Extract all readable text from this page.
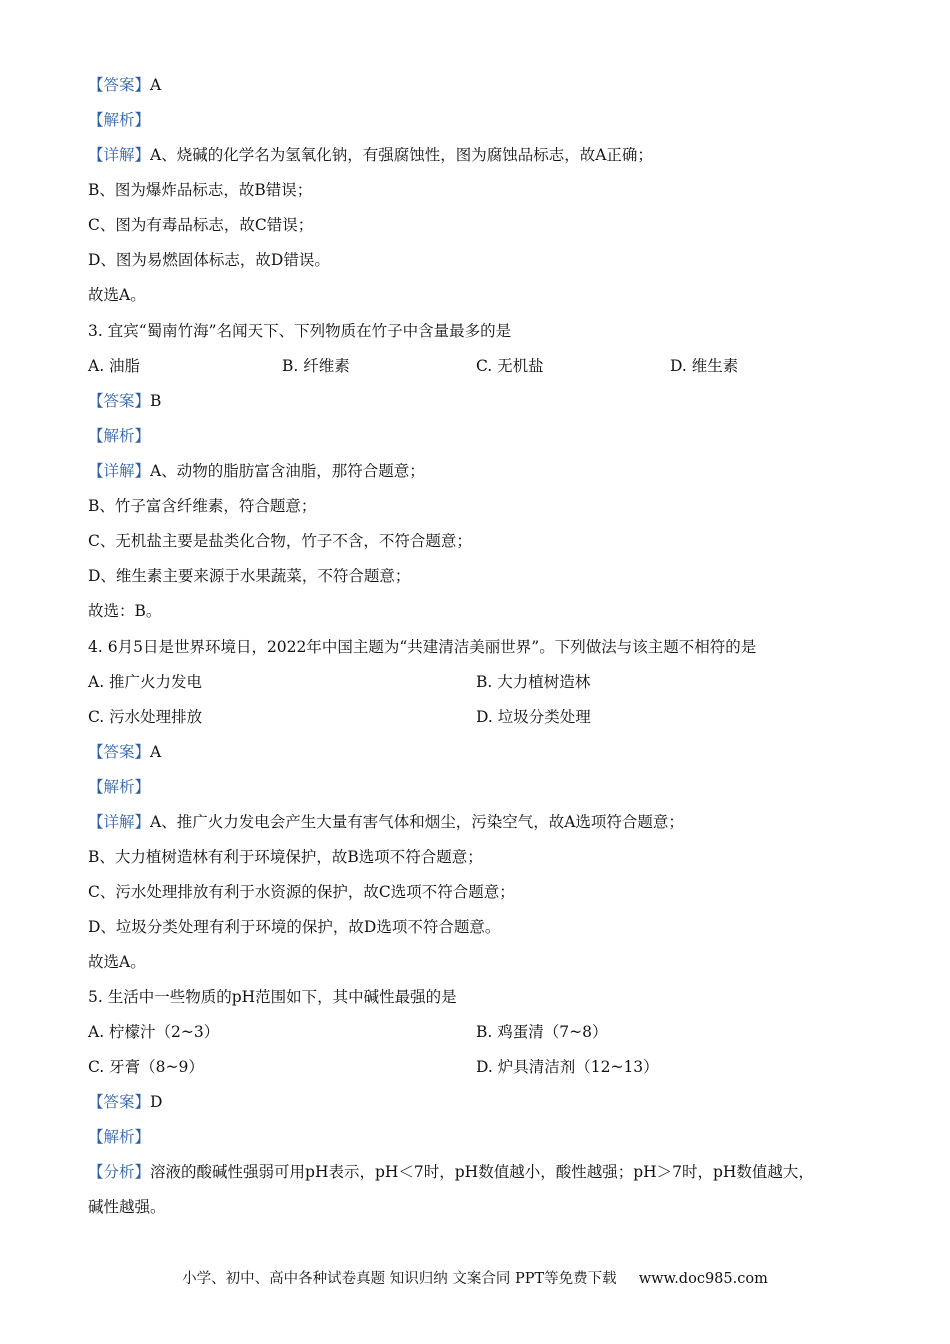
【答案】A
【解析】
【详解】A、烧碱的化学名为氢氧化钠，有强腐蚀性，图为腐蚀品标志，故A正确；
B、图为爆炸品标志，故B错误；
C、图为有毒品标志，故C错误；
D、图为易燃固体标志，故D错误。
故选A。
3. 宜宾“蜀南竹海”名闻天下、下列物质在竹子中含量最多的是
A. 油脂	B. 纤维素	C. 无机盐	D. 维生素
【答案】B
【解析】
【详解】A、动物的脂肪富含油脂，那符合题意；
B、竹子富含纤维素，符合题意；
C、无机盐主要是盐类化合物，竹子不含，不符合题意；
D、维生素主要来源于水果蔬菜，不符合题意；
故选：B。
4. 6月5日是世界环境日，2022年中国主题为“共建清洁美丽世界”。下列做法与该主题不相符的是
A. 推广火力发电	B. 大力植树造林
C. 污水处理排放	D. 垃圾分类处理
【答案】A
【解析】
【详解】A、推广火力发电会产生大量有害气体和烟尘，污染空气，故A选项符合题意；
B、大力植树造林有利于环境保护，故B选项不符合题意；
C、污水处理排放有利于水资源的保护，故C选项不符合题意；
D、垃圾分类处理有利于环境的保护，故D选项不符合题意。
故选A。
5. 生活中一些物质的pH范围如下，其中碱性最强的是
A. 柠檬汁（2~3）	B. 鸡蛋清（7~8）
C. 牙膏（8~9）	D. 炉具清洁剂（12~13）
【答案】D
【解析】
【分析】溶液的酸碱性强弱可用pH表示，pH＜7时，pH数值越小，酸性越强；pH＞7时，pH数值越大，
碱性越强。
小学、初中、高中各种试卷真题 知识归纳 文案合同 PPT等免费下载 www.doc985.com
